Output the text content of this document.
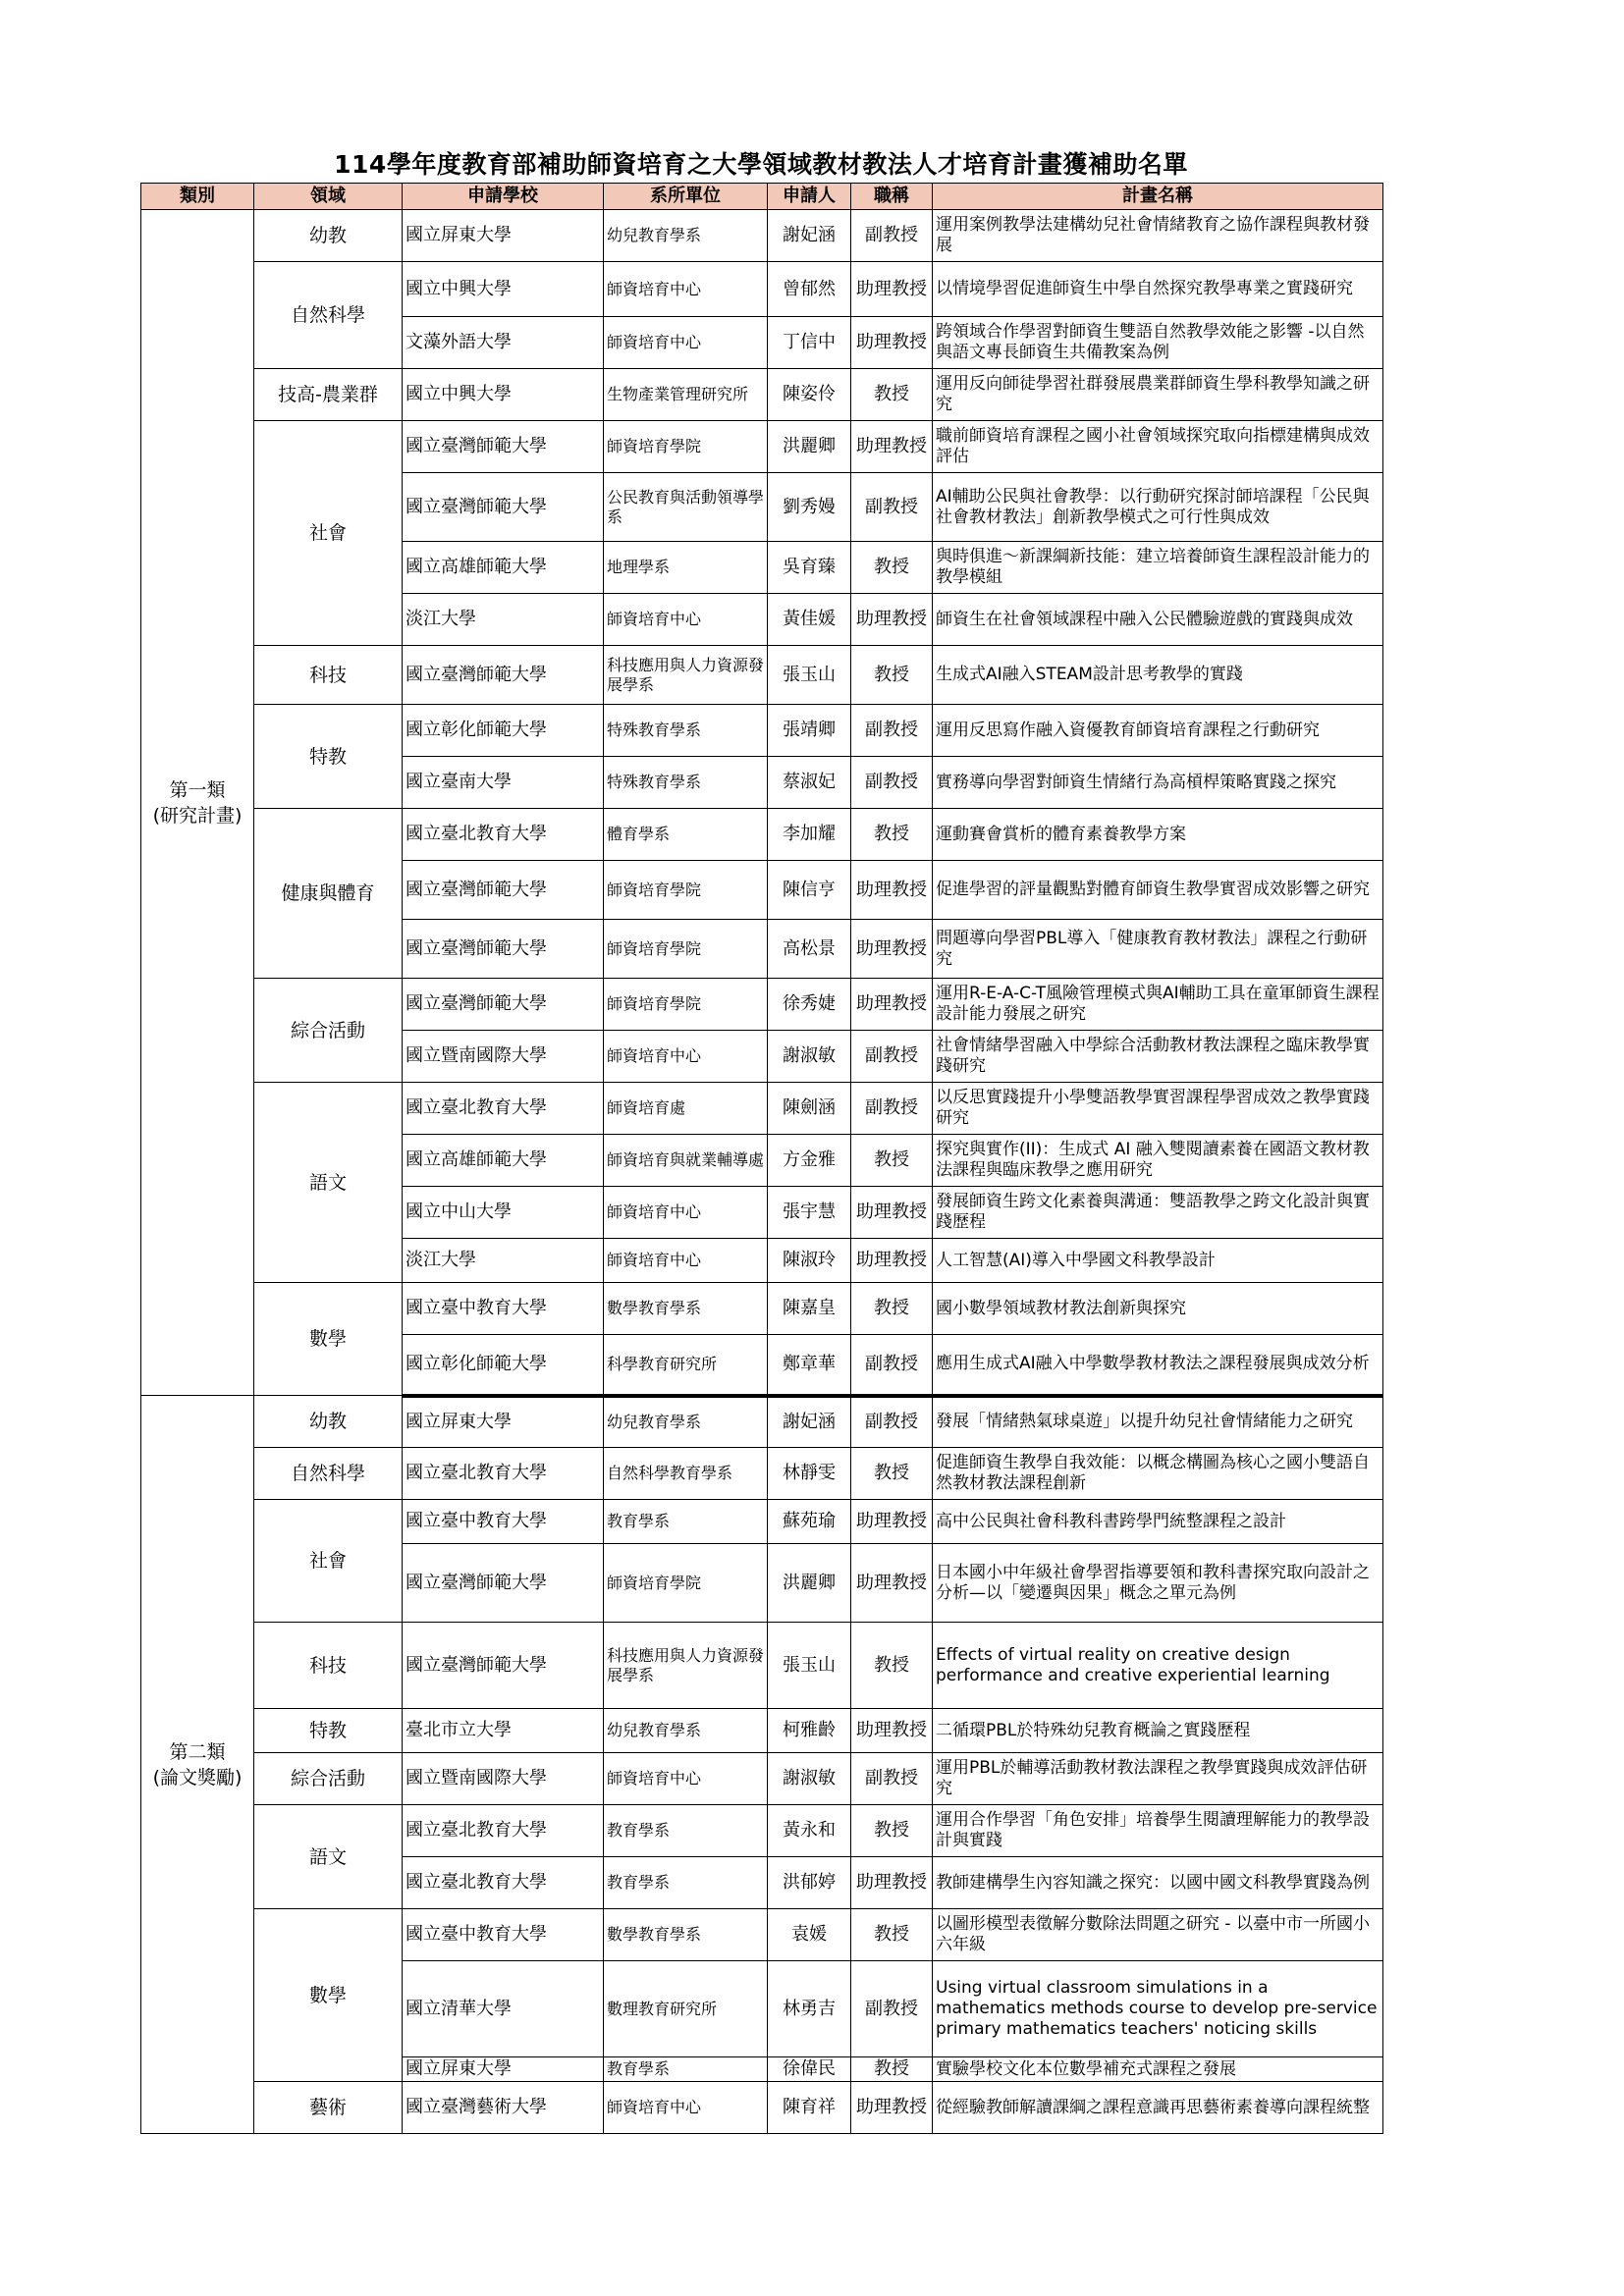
114學年度教育部補助師資培育之大學領域教材教法人才培育計畫獲補助名單
類別	領域	申請學校	系所單位	申請人	職稱	計畫名稱
第一類
(研究計畫)	幼教	國立屏東大學	幼兒教育學系	謝妃涵	副教授	運用案例教學法建構幼兒社會情緒教育之協作課程與教材發展
	自然科學	國立中興大學	師資培育中心	曾郁然	助理教授	以情境學習促進師資生中學自然探究教學專業之實踐研究
		文藻外語大學	師資培育中心	丁信中	助理教授	跨領域合作學習對師資生雙語自然教學效能之影響 -以自然與語文專長師資生共備教案為例
	技高-農業群	國立中興大學	生物產業管理研究所	陳姿伶	教授	運用反向師徒學習社群發展農業群師資生學科教學知識之研究
	社會	國立臺灣師範大學	師資培育學院	洪麗卿	助理教授	職前師資培育課程之國小社會領域探究取向指標建構與成效評估
		國立臺灣師範大學	公民教育與活動領導學系	劉秀嫚	副教授	AI輔助公民與社會教學：以行動研究探討師培課程「公民與社會教材教法」創新教學模式之可行性與成效
		國立高雄師範大學	地理學系	吳育臻	教授	與時俱進～新課綱新技能：建立培養師資生課程設計能力的教學模組
		淡江大學	師資培育中心	黃佳媛	助理教授	師資生在社會領域課程中融入公民體驗遊戲的實踐與成效
	科技	國立臺灣師範大學	科技應用與人力資源發展學系	張玉山	教授	生成式AI融入STEAM設計思考教學的實踐
	特教	國立彰化師範大學	特殊教育學系	張靖卿	副教授	運用反思寫作融入資優教育師資培育課程之行動研究
		國立臺南大學	特殊教育學系	蔡淑妃	副教授	實務導向學習對師資生情緒行為高槓桿策略實踐之探究
	健康與體育	國立臺北教育大學	體育學系	李加耀	教授	運動賽會賞析的體育素養教學方案
		國立臺灣師範大學	師資培育學院	陳信亨	助理教授	促進學習的評量觀點對體育師資生教學實習成效影響之研究
		國立臺灣師範大學	師資培育學院	高松景	助理教授	問題導向學習PBL導入「健康教育教材教法」課程之行動研究
	綜合活動	國立臺灣師範大學	師資培育學院	徐秀婕	助理教授	運用R-E-A-C-T風險管理模式與AI輔助工具在童軍師資生課程設計能力發展之研究
		國立暨南國際大學	師資培育中心	謝淑敏	副教授	社會情緒學習融入中學綜合活動教材教法課程之臨床教學實踐研究
	語文	國立臺北教育大學	師資培育處	陳劍涵	副教授	以反思實踐提升小學雙語教學實習課程學習成效之教學實踐研究
		國立高雄師範大學	師資培育與就業輔導處	方金雅	教授	探究與實作(II)：生成式 AI 融入雙閱讀素養在國語文教材教法課程與臨床教學之應用研究
		國立中山大學	師資培育中心	張宇慧	助理教授	發展師資生跨文化素養與溝通：雙語教學之跨文化設計與實踐歷程
		淡江大學	師資培育中心	陳淑玲	助理教授	人工智慧(AI)導入中學國文科教學設計
	數學	國立臺中教育大學	數學教育學系	陳嘉皇	教授	國小數學領域教材教法創新與探究
		國立彰化師範大學	科學教育研究所	鄭章華	副教授	應用生成式AI融入中學數學教材教法之課程發展與成效分析
第二類
(論文獎勵)	幼教	國立屏東大學	幼兒教育學系	謝妃涵	副教授	發展「情緒熱氣球桌遊」以提升幼兒社會情緒能力之研究
	自然科學	國立臺北教育大學	自然科學教育學系	林靜雯	教授	促進師資生教學自我效能：以概念構圖為核心之國小雙語自然教材教法課程創新
	社會	國立臺中教育大學	教育學系	蘇苑瑜	助理教授	高中公民與社會科教科書跨學門統整課程之設計
		國立臺灣師範大學	師資培育學院	洪麗卿	助理教授	日本國小中年級社會學習指導要領和教科書探究取向設計之分析—以「變遷與因果」概念之單元為例
	科技	國立臺灣師範大學	科技應用與人力資源發展學系	張玉山	教授	Effects of virtual reality on creative design performance and creative experiential learning
	特教	臺北市立大學	幼兒教育學系	柯雅齡	助理教授	二循環PBL於特殊幼兒教育概論之實踐歷程
	綜合活動	國立暨南國際大學	師資培育中心	謝淑敏	副教授	運用PBL於輔導活動教材教法課程之教學實踐與成效評估研究
	語文	國立臺北教育大學	教育學系	黃永和	教授	運用合作學習「角色安排」培養學生閱讀理解能力的教學設計與實踐
		國立臺北教育大學	教育學系	洪郁婷	助理教授	教師建構學生內容知識之探究：以國中國文科教學實踐為例
	數學	國立臺中教育大學	數學教育學系	袁媛	教授	以圖形模型表徵解分數除法問題之研究 - 以臺中市一所國小六年級
		國立清華大學	數理教育研究所	林勇吉	副教授	Using virtual classroom simulations in a mathematics methods course to develop pre-service primary mathematics teachers' noticing skills
		國立屏東大學	教育學系	徐偉民	教授	實驗學校文化本位數學補充式課程之發展
	藝術	國立臺灣藝術大學	師資培育中心	陳育祥	助理教授	從經驗教師解讀課綱之課程意識再思藝術素養導向課程統整
